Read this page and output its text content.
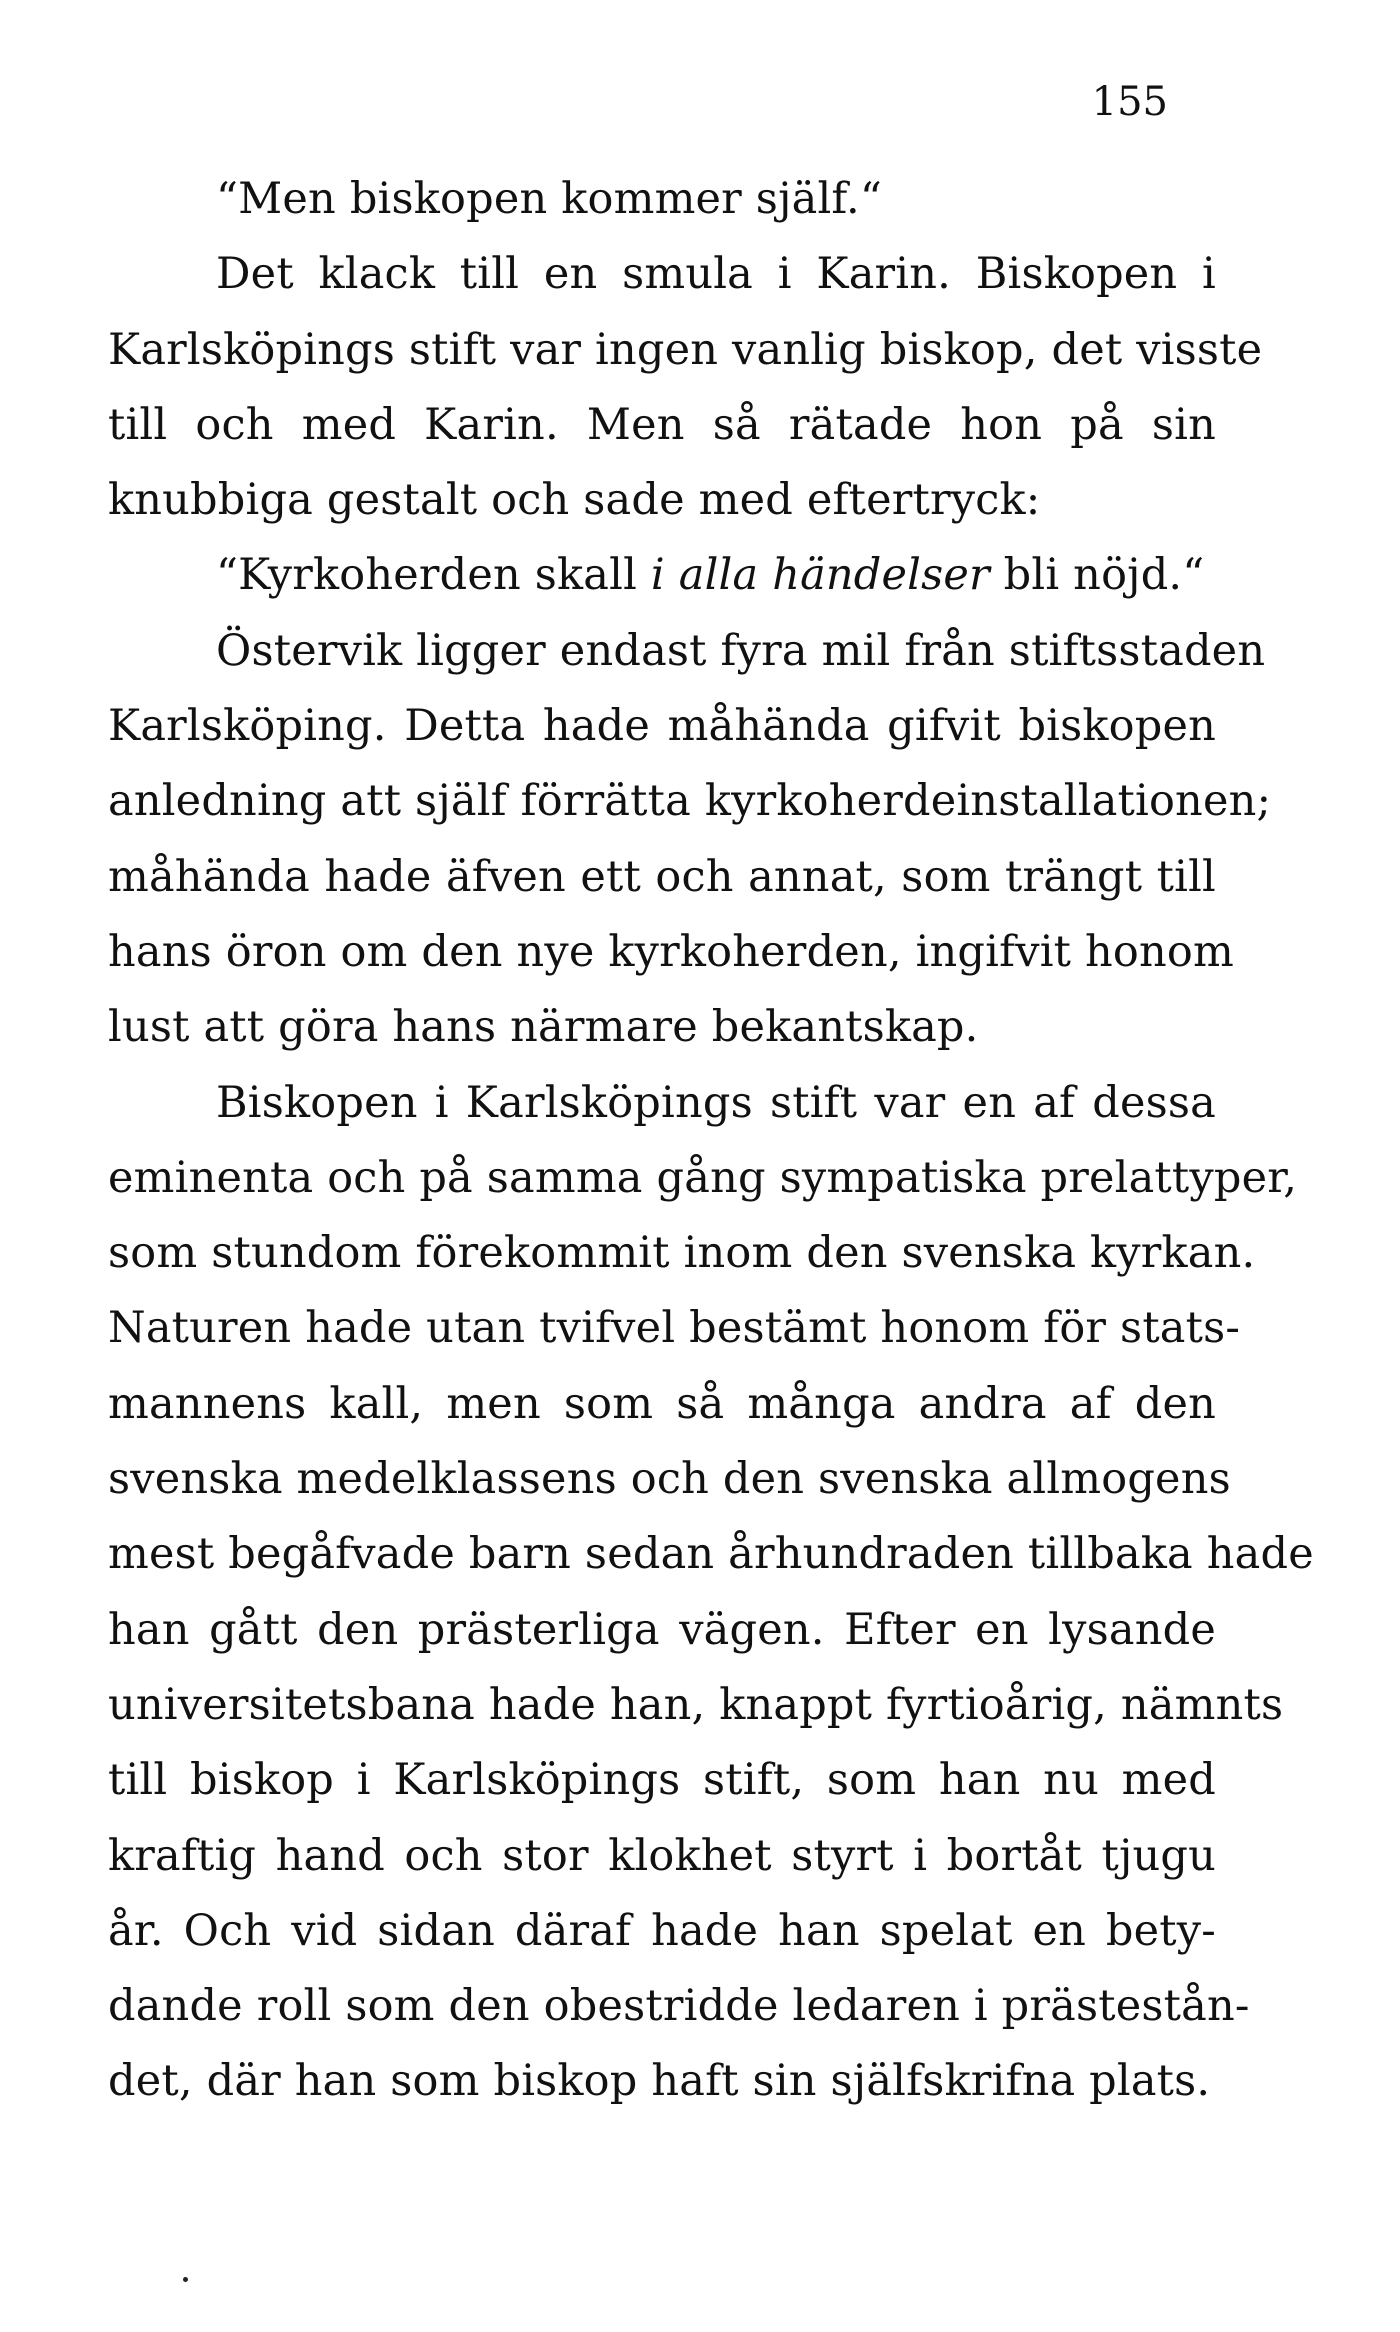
155
“Men biskopen kommer själf.“
Det klack till en smula i Karin. Biskopen i
Karlsköpings stift var ingen vanlig biskop, det visste
till och med Karin. Men så rätade hon på sin
knubbiga gestalt och sade med eftertryck:
“Kyrkoherden skall i alla händelser bli nöjd.“
Östervik ligger endast fyra mil från stiftsstaden
Karlsköping. Detta hade måhända gifvit biskopen
anledning att själf förrätta kyrkoherdeinstallationen;
måhända hade äfven ett och annat, som trängt till
hans öron om den nye kyrkoherden, ingifvit honom
lust att göra hans närmare bekantskap.
Biskopen i Karlsköpings stift var en af dessa
eminenta och på samma gång sympatiska prelattyper,
som stundom förekommit inom den svenska kyrkan.
Naturen hade utan tvifvel bestämt honom för stats-
mannens kall, men som så många andra af den
svenska medelklassens och den svenska allmogens
mest begåfvade barn sedan århundraden tillbaka hade
han gått den prästerliga vägen. Efter en lysande
universitetsbana hade han, knappt fyrtioårig, nämnts
till biskop i Karlsköpings stift, som han nu med
kraftig hand och stor klokhet styrt i bortåt tjugu
år. Och vid sidan däraf hade han spelat en bety-
dande roll som den obestridde ledaren i prästestån-
det, där han som biskop haft sin själfskrifna plats.
